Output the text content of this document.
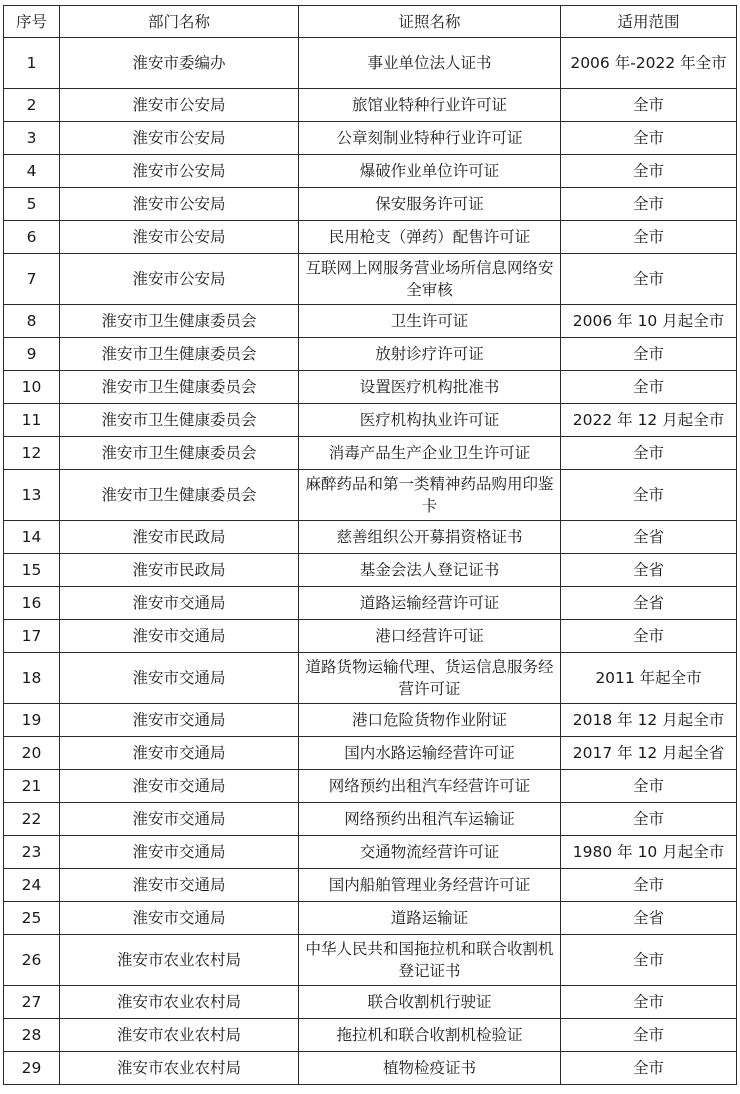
序号	部门名称	证照名称	适用范围
1	淮安市委编办	事业单位法人证书	2006 年-2022 年全市
2	淮安市公安局	旅馆业特种行业许可证	全市
3	淮安市公安局	公章刻制业特种行业许可证	全市
4	淮安市公安局	爆破作业单位许可证	全市
5	淮安市公安局	保安服务许可证	全市
6	淮安市公安局	民用枪支（弹药）配售许可证	全市
7	淮安市公安局	互联网上网服务营业场所信息网络安全审核	全市
8	淮安市卫生健康委员会	卫生许可证	2006 年 10 月起全市
9	淮安市卫生健康委员会	放射诊疗许可证	全市
10	淮安市卫生健康委员会	设置医疗机构批准书	全市
11	淮安市卫生健康委员会	医疗机构执业许可证	2022 年 12 月起全市
12	淮安市卫生健康委员会	消毒产品生产企业卫生许可证	全市
13	淮安市卫生健康委员会	麻醉药品和第一类精神药品购用印鉴卡	全市
14	淮安市民政局	慈善组织公开募捐资格证书	全省
15	淮安市民政局	基金会法人登记证书	全省
16	淮安市交通局	道路运输经营许可证	全省
17	淮安市交通局	港口经营许可证	全市
18	淮安市交通局	道路货物运输代理、货运信息服务经营许可证	2011 年起全市
19	淮安市交通局	港口危险货物作业附证	2018 年 12 月起全市
20	淮安市交通局	国内水路运输经营许可证	2017 年 12 月起全省
21	淮安市交通局	网络预约出租汽车经营许可证	全市
22	淮安市交通局	网络预约出租汽车运输证	全市
23	淮安市交通局	交通物流经营许可证	1980 年 10 月起全市
24	淮安市交通局	国内船舶管理业务经营许可证	全市
25	淮安市交通局	道路运输证	全省
26	淮安市农业农村局	中华人民共和国拖拉机和联合收割机登记证书	全市
27	淮安市农业农村局	联合收割机行驶证	全市
28	淮安市农业农村局	拖拉机和联合收割机检验证	全市
29	淮安市农业农村局	植物检疫证书	全市
